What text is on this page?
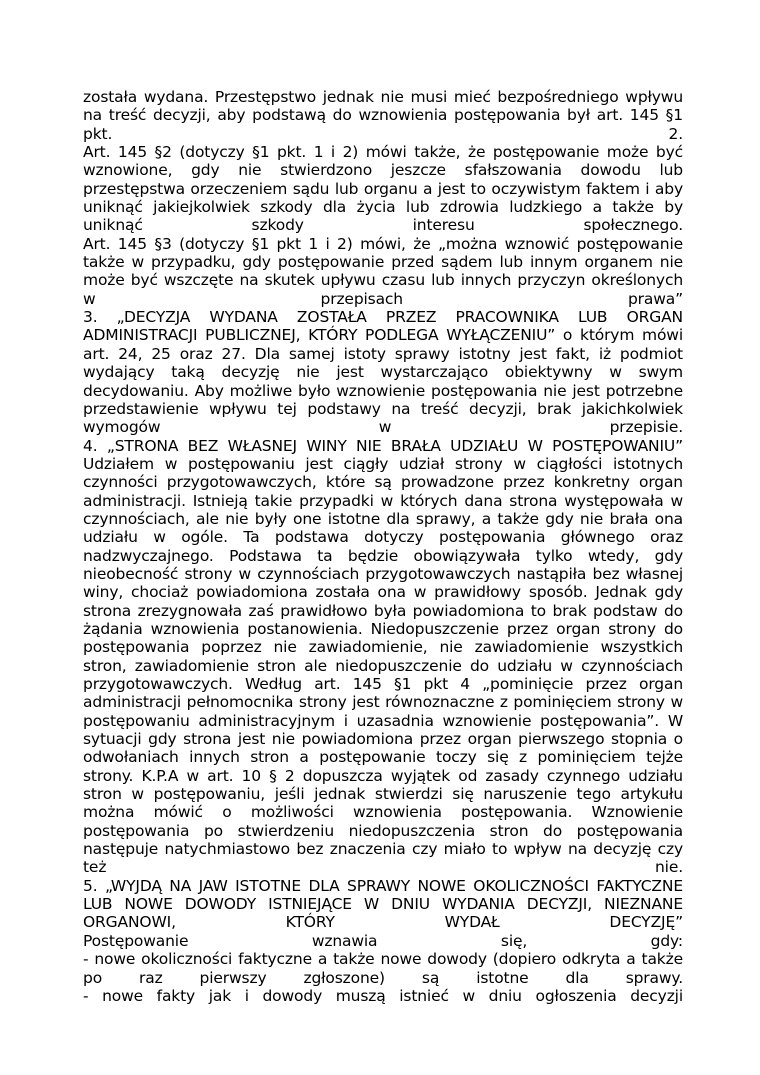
została wydana. Przestępstwo jednak nie musi mieć bezpośredniego wpływu na treść decyzji, aby podstawą do wznowienia postępowania był art. 145 §1 pkt. 2.

Art. 145 §2 (dotyczy §1 pkt. 1 i 2) mówi także, że postępowanie może być wznowione, gdy nie stwierdzono jeszcze sfałszowania dowodu lub przestępstwa orzeczeniem sądu lub organu a jest to oczywistym faktem i aby uniknąć jakiejkolwiek szkody dla życia lub zdrowia ludzkiego a także by uniknąć szkody interesu społecznego.

Art. 145 §3 (dotyczy §1 pkt 1 i 2) mówi, że „można wznowić postępowanie także w przypadku, gdy postępowanie przed sądem lub innym organem nie może być wszczęte na skutek upływu czasu lub innych przyczyn określonych w przepisach prawa”

3. „DECYZJA WYDANA ZOSTAŁA PRZEZ PRACOWNIKA LUB ORGAN ADMINISTRACJI PUBLICZNEJ, KTÓRY PODLEGA WYŁĄCZENIU” o którym mówi art. 24, 25 oraz 27. Dla samej istoty sprawy istotny jest fakt, iż podmiot wydający taką decyzję nie jest wystarczająco obiektywny w swym decydowaniu. Aby możliwe było wznowienie postępowania nie jest potrzebne przedstawienie wpływu tej podstawy na treść decyzji, brak jakichkolwiek wymogów w przepisie.

4. „STRONA BEZ WŁASNEJ WINY NIE BRAŁA UDZIAŁU W POSTĘPOWANIU”

Udziałem w postępowaniu jest ciągły udział strony w ciągłości istotnych czynności przygotowawczych, które są prowadzone przez konkretny organ administracji. Istnieją takie przypadki w których dana strona występowała w czynnościach, ale nie były one istotne dla sprawy, a także gdy nie brała ona udziału w ogóle. Ta podstawa dotyczy postępowania głównego oraz nadzwyczajnego. Podstawa ta będzie obowiązywała tylko wtedy, gdy nieobecność strony w czynnościach przygotowawczych nastąpiła bez własnej winy, chociaż powiadomiona została ona w prawidłowy sposób. Jednak gdy strona zrezygnowała zaś prawidłowo była powiadomiona to brak podstaw do żądania wznowienia postanowienia. Niedopuszczenie przez organ strony do postępowania poprzez nie zawiadomienie, nie zawiadomienie wszystkich stron, zawiadomienie stron ale niedopuszczenie do udziału w czynnościach przygotowawczych. Według art. 145 §1 pkt 4 „pominięcie przez organ administracji pełnomocnika strony jest równoznaczne z pominięciem strony w postępowaniu administracyjnym i uzasadnia wznowienie postępowania”. W sytuacji gdy strona jest nie powiadomiona przez organ pierwszego stopnia o odwołaniach innych stron a postępowanie toczy się z pominięciem tejże strony. K.P.A w art. 10 § 2 dopuszcza wyjątek od zasady czynnego udziału stron w postępowaniu, jeśli jednak stwierdzi się naruszenie tego artykułu można mówić o możliwości wznowienia postępowania. Wznowienie postępowania po stwierdzeniu niedopuszczenia stron do postępowania następuje natychmiastowo bez znaczenia czy miało to wpływ na decyzję czy też nie.

5. „WYJDĄ NA JAW ISTOTNE DLA SPRAWY NOWE OKOLICZNOŚCI FAKTYCZNE LUB NOWE DOWODY ISTNIEJĄCE W DNIU WYDANIA DECYZJI, NIEZNANE ORGANOWI, KTÓRY WYDAŁ DECYZJĘ”

Postępowanie wznawia się, gdy:

- nowe okoliczności faktyczne a także nowe dowody (dopiero odkryta a także po raz pierwszy zgłoszone) są istotne dla sprawy.

- nowe fakty jak i dowody muszą istnieć w dniu ogłoszenia decyzji
